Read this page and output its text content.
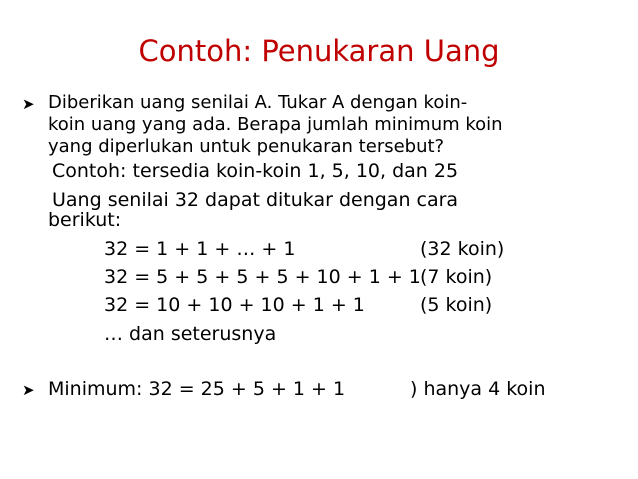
Contoh: Penukaran Uang
➤ Diberikan uang senilai A. Tukar A dengan koin-
koin uang yang ada. Berapa jumlah minimum koin
yang diperlukan untuk penukaran tersebut?
Contoh: tersedia koin-koin 1, 5, 10, dan 25
Uang senilai 32 dapat ditukar dengan cara
berikut:
32 = 1 + 1 + … + 1	(32 koin)
32 = 5 + 5 + 5 + 5 + 10 + 1 + 1 (7 koin)
32 = 10 + 10 + 10 + 1 + 1	(5 koin)
… dan seterusnya
➤ Minimum: 32 = 25 + 5 + 1 + 1	) hanya 4 koin
